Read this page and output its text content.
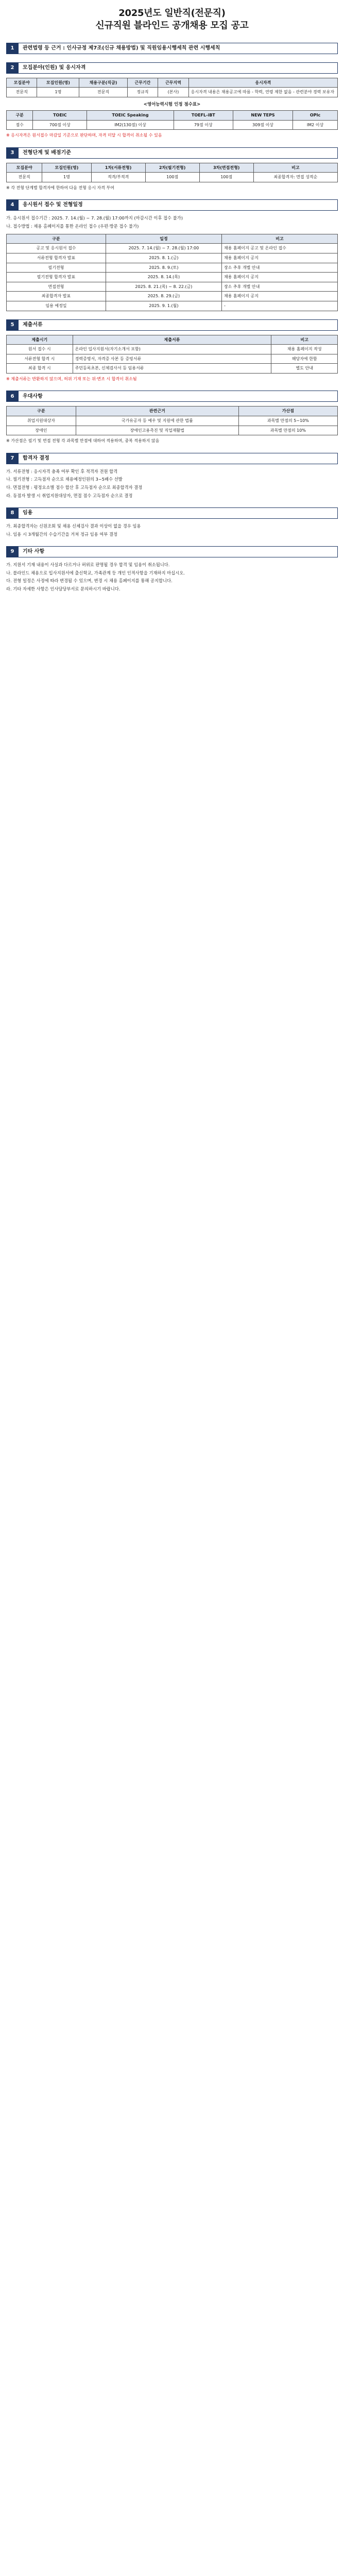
2025년도 일반직(전문직)
신규직원 블라인드 공개채용 모집 공고
1	관련법령 등 근거 : 인사규정 제7조(신규 채용방법) 및 직원임용시행세칙 관련 시행세칙
2	모집분야(인원) 및 응시자격
모집분야	모집인원(명)	채용구분(직급)	근무기간	근무지역	응시자격
전문직	1명	전문직	정규직	(본사)	응시자격 내용은 채용공고에 따름 - 학력, 연령 제한 없음 - 관련분야 경력 보유자
<영어능력시험 인정 점수표>
구분	TOEIC	TOEIC Speaking	TOEFL-iBT	NEW TEPS	OPIc
점수	700점 이상	IM2(130점) 이상	79점 이상	309점 이상	IM2 이상
※ 응시자격은 원서접수 마감일 기준으로 판단하며, 자격 미달 시 합격이 취소될 수 있음
3	전형단계 및 배점기준
모집분야	모집인원(명)	1차(서류전형)	2차(필기전형)	3차(면접전형)	비고
전문직	1명	적격/부적격	100점	100점	최종합격자: 면접 성적순
※ 각 전형 단계별 합격자에 한하여 다음 전형 응시 자격 부여
4	응시원서 접수 및 전형일정

가. 응시원서 접수기간 : 2025. 7. 14.(월) ~ 7. 28.(월) 17:00까지 (마감시간 이후 접수 불가)

나. 접수방법 : 채용 홈페이지를 통한 온라인 접수 (우편·방문 접수 불가)

구분	일정	비고
공고 및 응시원서 접수	2025. 7. 14.(월) ~ 7. 28.(월) 17:00	채용 홈페이지 공고 및 온라인 접수
서류전형 합격자 발표	2025. 8. 1.(금)	채용 홈페이지 공지
필기전형	2025. 8. 9.(토)	장소 추후 개별 안내
필기전형 합격자 발표	2025. 8. 14.(목)	채용 홈페이지 공지
면접전형	2025. 8. 21.(목) ~ 8. 22.(금)	장소 추후 개별 안내
최종합격자 발표	2025. 8. 29.(금)	채용 홈페이지 공지
임용 예정일	2025. 9. 1.(월)	-
5	제출서류
제출시기	제출서류	비고
원서 접수 시	온라인 입사지원서(자기소개서 포함)	채용 홈페이지 작성
서류전형 합격 시	경력증명서, 자격증 사본 등 증빙서류	해당자에 한함
최종 합격 시	주민등록초본, 신체검사서 등 임용서류	별도 안내
※ 제출서류는 반환하지 않으며, 허위 기재 또는 위·변조 시 합격이 취소됨
6	우대사항
구분	관련근거	가산점
취업지원대상자	국가유공자 등 예우 및 지원에 관한 법률	과목별 만점의 5~10%
장애인	장애인고용촉진 및 직업재활법	과목별 만점의 10%
※ 가산점은 필기 및 면접 전형 각 과목별 만점에 대하여 적용하며, 중복 적용하지 않음
7	합격자 결정

가. 서류전형 : 응시자격 충족 여부 확인 후 적격자 전원 합격

나. 필기전형 : 고득점자 순으로 채용예정인원의 3~5배수 선발

다. 면접전형 : 평정요소별 점수 합산 후 고득점자 순으로 최종합격자 결정

라. 동점자 발생 시 취업지원대상자, 면접 점수 고득점자 순으로 결정

8	임용

가. 최종합격자는 신원조회 및 채용 신체검사 결과 이상이 없을 경우 임용

나. 임용 시 3개월간의 수습기간을 거쳐 정규 임용 여부 결정

9	기타 사항

가. 지원서 기재 내용이 사실과 다르거나 허위로 판명될 경우 합격 및 임용이 취소됩니다.

나. 블라인드 채용으로 입사지원서에 출신학교, 가족관계 등 개인 인적사항을 기재하지 마십시오.

다. 전형 일정은 사정에 따라 변경될 수 있으며, 변경 시 채용 홈페이지를 통해 공지합니다.

라. 기타 자세한 사항은 인사담당부서로 문의하시기 바랍니다.
